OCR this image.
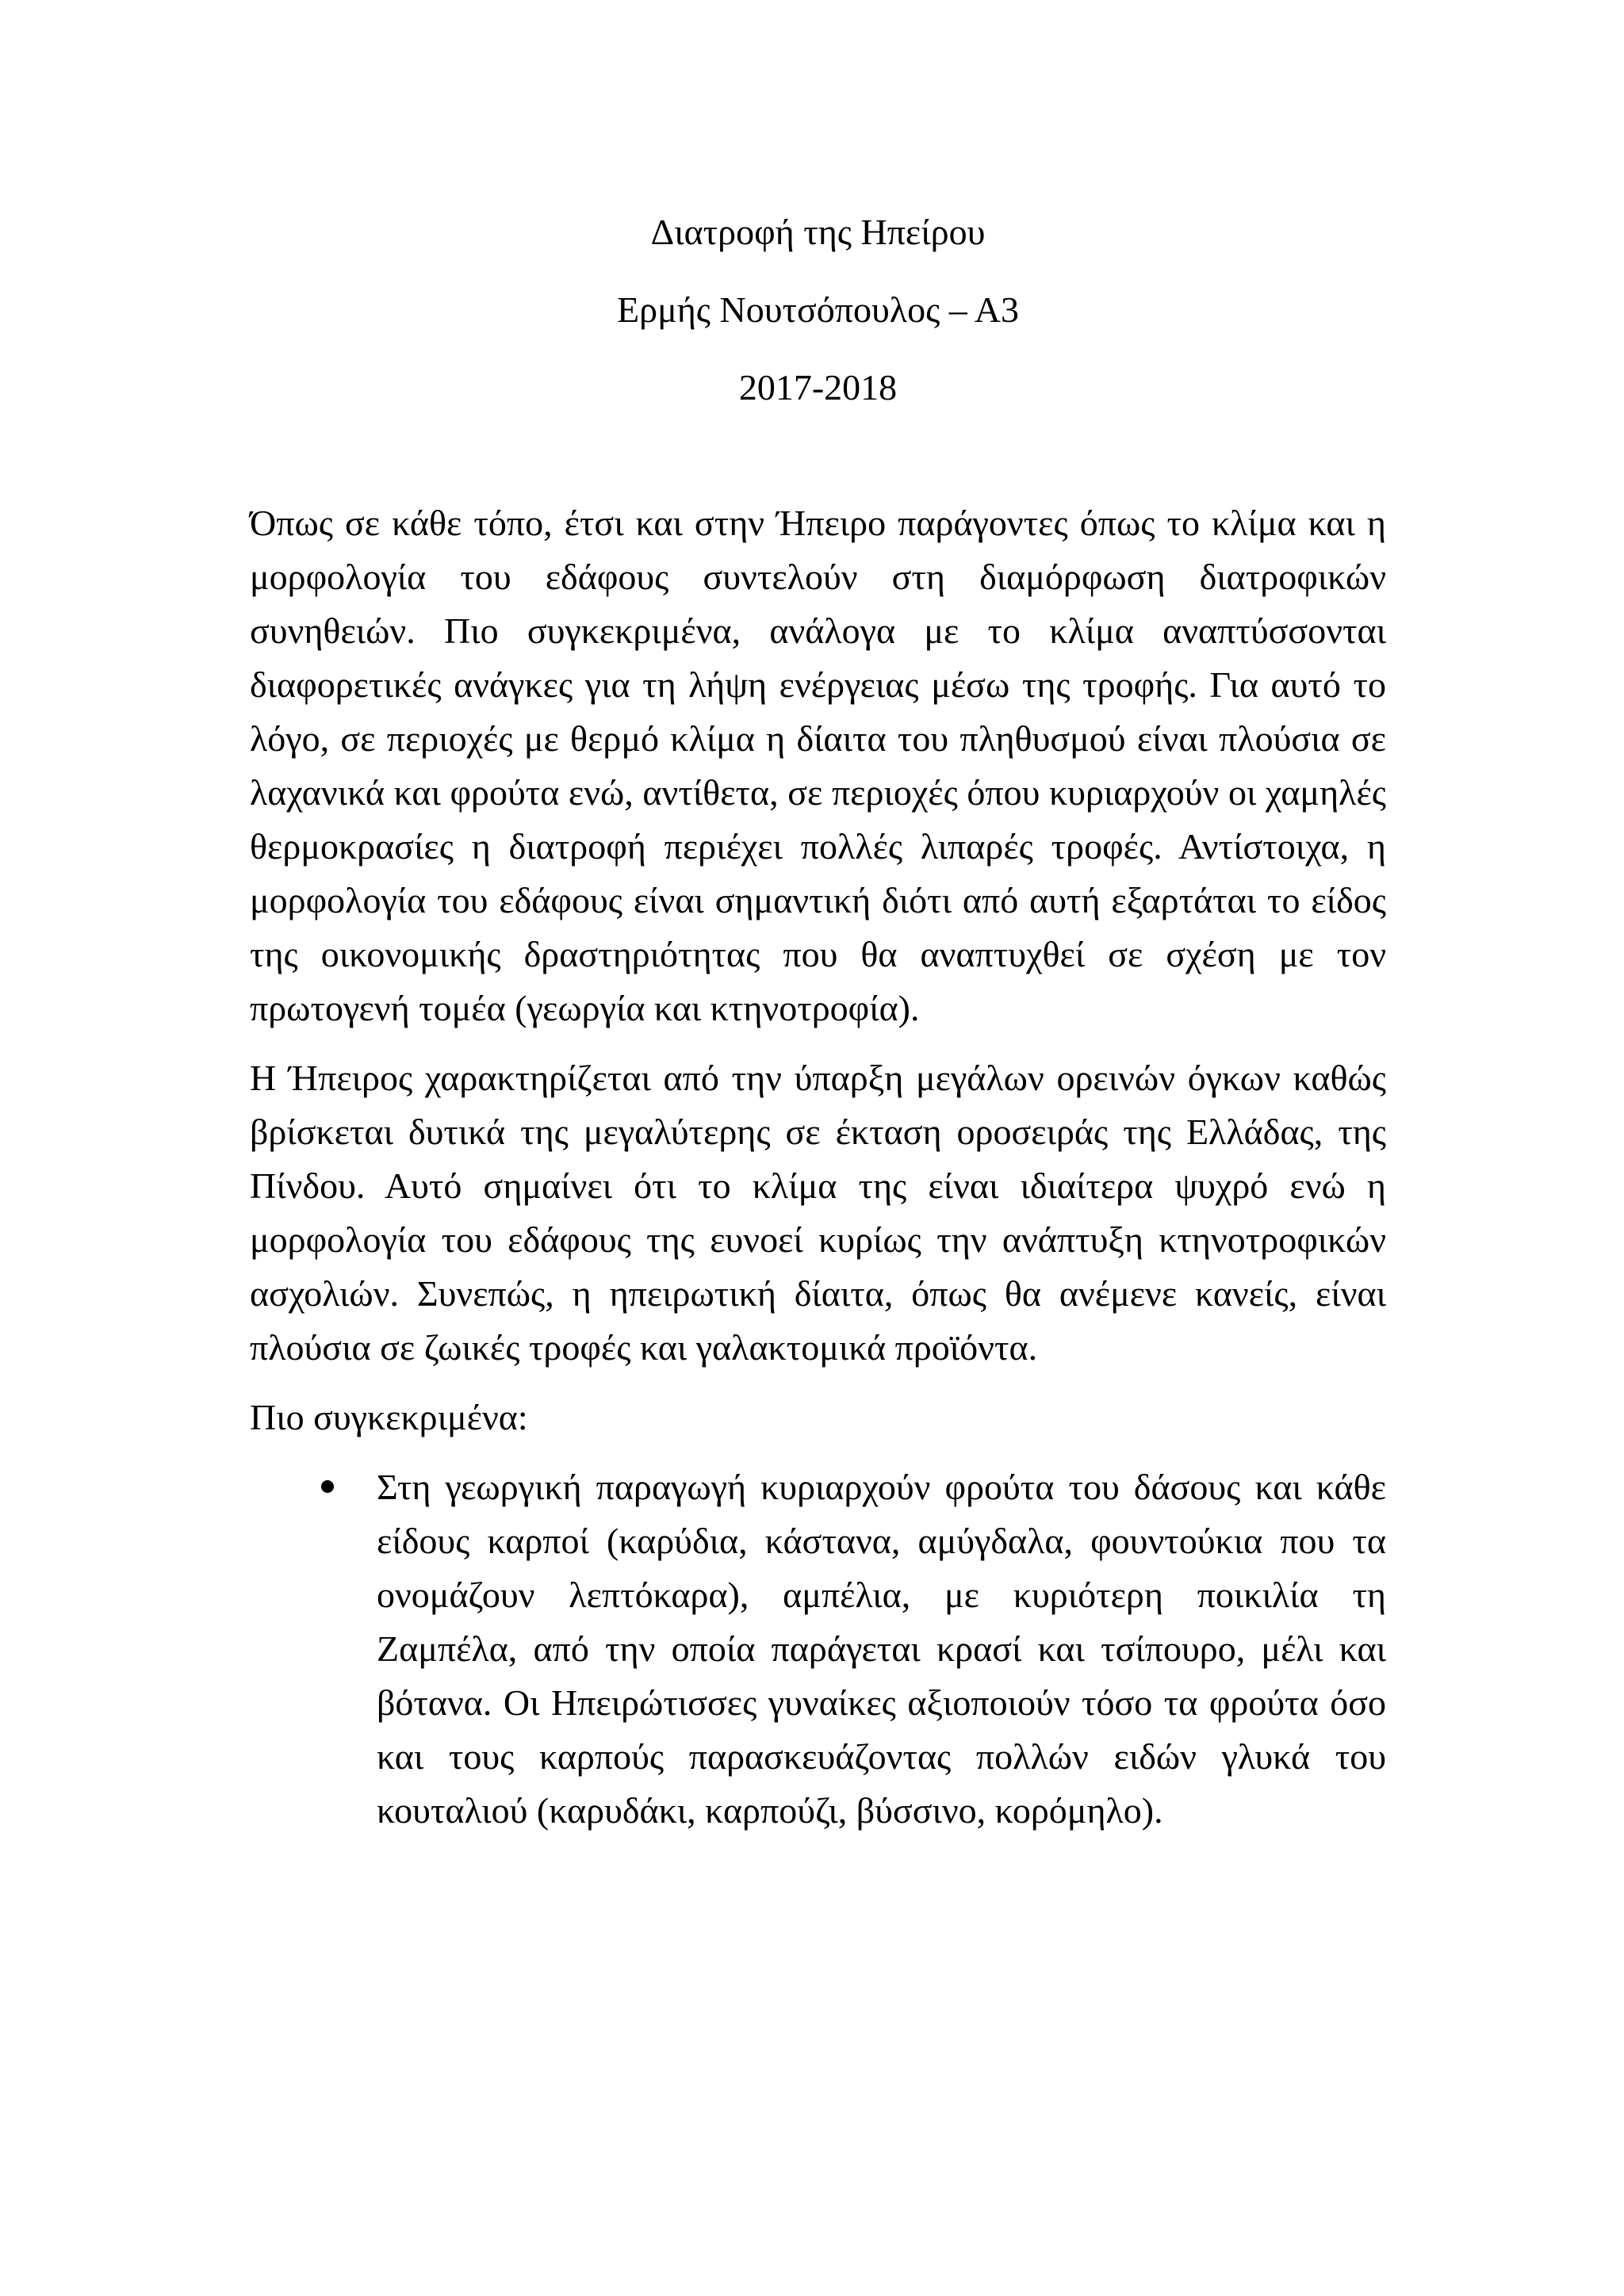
Διατροφή της Ηπείρου

Ερμής Νουτσόπουλος – Α3

2017-2018

Όπως σε κάθε τόπο, έτσι και στην Ήπειρο παράγοντες όπως το κλίμα και η μορφολογία του εδάφους συντελούν στη διαμόρφωση διατροφικών συνηθειών. Πιο συγκεκριμένα, ανάλογα με το κλίμα αναπτύσσονται διαφορετικές ανάγκες για τη λήψη ενέργειας μέσω της τροφής. Για αυτό το λόγο, σε περιοχές με θερμό κλίμα η δίαιτα του πληθυσμού είναι πλούσια σε λαχανικά και φρούτα ενώ, αντίθετα, σε περιοχές όπου κυριαρχούν οι χαμηλές θερμοκρασίες η διατροφή περιέχει πολλές λιπαρές τροφές. Αντίστοιχα, η μορφολογία του εδάφους είναι σημαντική διότι από αυτή εξαρτάται το είδος της οικονομικής δραστηριότητας που θα αναπτυχθεί σε σχέση με τον πρωτογενή τομέα (γεωργία και κτηνοτροφία).

Η Ήπειρος χαρακτηρίζεται από την ύπαρξη μεγάλων ορεινών όγκων καθώς βρίσκεται δυτικά της μεγαλύτερης σε έκταση οροσειράς της Ελλάδας, της Πίνδου. Αυτό σημαίνει ότι το κλίμα της είναι ιδιαίτερα ψυχρό ενώ η μορφολογία του εδάφους της ευνοεί κυρίως την ανάπτυξη κτηνοτροφικών ασχολιών. Συνεπώς, η ηπειρωτική δίαιτα, όπως θα ανέμενε κανείς, είναι πλούσια σε ζωικές τροφές και γαλακτομικά προϊόντα.

Πιο συγκεκριμένα:

Στη γεωργική παραγωγή κυριαρχούν φρούτα του δάσους και κάθε είδους καρποί (καρύδια, κάστανα, αμύγδαλα, φουντούκια που τα ονομάζουν λεπτόκαρα), αμπέλια, με κυριότερη ποικιλία τη Ζαμπέλα, από την οποία παράγεται κρασί και τσίπουρο, μέλι και βότανα. Οι Ηπειρώτισσες γυναίκες αξιοποιούν τόσο τα φρούτα όσο και τους καρπούς παρασκευάζοντας πολλών ειδών γλυκά του κουταλιού (καρυδάκι, καρπούζι, βύσσινο, κορόμηλο).
